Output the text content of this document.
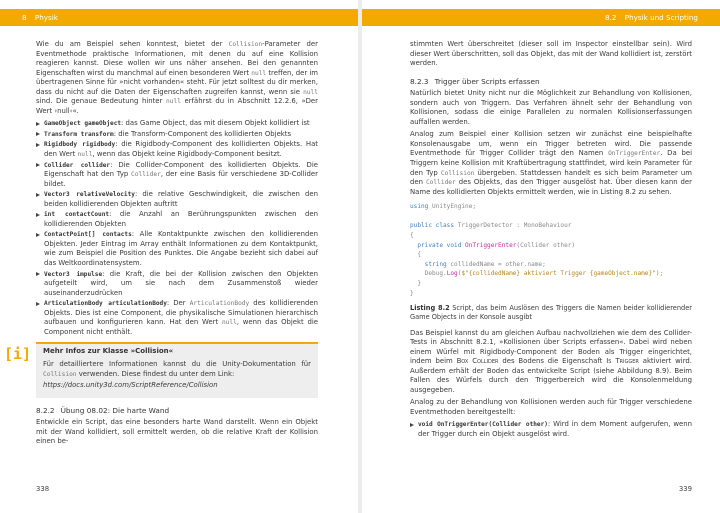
8 Physik

Wie du am Beispiel sehen konntest, bietet der Collision-Parameter der Eventmethode praktische Informationen, mit denen du auf eine Kollision reagieren kannst. Diese wollen wir uns näher ansehen. Bei den genannten Eigenschaften wirst du manchmal auf einen besonderen Wert null treffen, der im übertragenen Sinne für »nicht vorhanden« steht. Für jetzt solltest du dir merken, dass du nicht auf die Daten der Eigenschaften zugreifen kannst, wenn sie null sind. Die genaue Bedeutung hinter null erfährst du in Abschnitt 12.2.6, »Der Wert ›null‹«.

GameObject gameObject: das Game Object, das mit diesem Objekt kollidiert ist
Transform transform: die Transform-Component des kollidierten Objekts
Rigidbody rigidbody: die Rigidbody-Component des kollidierten Objekts. Hat den Wert null, wenn das Objekt keine Rigidbody-Component besitzt.
Collider collider: Die Collider-Component des kollidierten Objekts. Die Eigenschaft hat den Typ Collider, der eine Basis für verschiedene 3D-Collider bildet.
Vector3 relativeVelocity: die relative Geschwindigkeit, die zwischen den beiden kollidierenden Objekten auftritt
int contactCount: die Anzahl an Berührungspunkten zwischen den kollidierenden Objekten
ContactPoint[] contacts: Alle Kontaktpunkte zwischen den kollidierenden Objekten. Jeder Eintrag im Array enthält Informationen zu dem Kontaktpunkt, wie zum Beispiel die Position des Punktes. Die Angabe bezieht sich dabei auf das Weltkoordinatensystem.
Vector3 impulse: die Kraft, die bei der Kollision zwischen den Objekten aufgeteilt wird, um sie nach dem Zusammenstoß wieder auseinanderzudrücken
ArticulationBody articulationBody: Der ArticulationBody des kollidierenden Objekts. Dies ist eine Component, die physikalische Simulationen hierarchisch aufbauen und konfigurieren kann. Hat den Wert null, wenn das Objekt die Component nicht enthält.
[i] Mehr Infos zur Klasse »Collision«

Für detailliertere Informationen kannst du die Unity-Dokumentation für Collision verwenden. Diese findest du unter dem Link:

https://docs.unity3d.com/ScriptReference/Collision

8.2.2 Übung 08.02: Die harte Wand

Entwickle ein Script, das eine besonders harte Wand darstellt. Wenn ein Objekt mit der Wand kollidiert, soll ermittelt werden, ob die relative Kraft der Kollision einen be-

338
8.2 Physik und Scripting

stimmten Wert überschreitet (dieser soll im Inspector einstellbar sein). Wird dieser Wert überschritten, soll das Objekt, das mit der Wand kollidiert ist, zerstört werden.

8.2.3 Trigger über Scripts erfassen

Natürlich bietet Unity nicht nur die Möglichkeit zur Behandlung von Kollisionen, sondern auch von Triggern. Das Verfahren ähnelt sehr der Behandlung von Kollisionen, sodass die einige Parallelen zu normalen Kollisionserfassungen auffallen werden.

Analog zum Beispiel einer Kollision setzen wir zunächst eine beispielhafte Konsolenausgabe um, wenn ein Trigger betreten wird. Die passende Eventmethode für Trigger Collider trägt den Namen OnTriggerEnter. Da bei Triggern keine Kollision mit Kraftübertragung stattfindet, wird kein Parameter für den Typ Collision übergeben. Stattdessen handelt es sich beim Parameter um den Collider des Objekts, das den Trigger ausgelöst hat. Über diesen kann der Name des kollidierten Objekts ermittelt werden, wie in Listing 8.2 zu sehen.

using UnityEngine;

public class TriggerDetector : MonoBehaviour
{
private void OnTriggerEnter(Collider other)
{
string collidedName = other.name;
Debug.Log($"{collidedName} aktiviert Trigger {gameObject.name}");
}
}

Listing 8.2 Script, das beim Auslösen des Triggers die Namen beider kollidierender Game Objects in der Konsole ausgibt

Das Beispiel kannst du am gleichen Aufbau nachvollziehen wie dem des Collider-Tests in Abschnitt 8.2.1, »Kollisionen über Scripts erfassen«. Dabei wird neben einem Würfel mit Rigidbody-Component der Boden als Trigger eingerichtet, indem beim Box Collider des Bodens die Eigenschaft Is Trigger aktiviert wird. Außerdem erhält der Boden das entwickelte Script (siehe Abbildung 8.9). Beim Fallen des Würfels durch den Triggerbereich wird die Konsolenmeldung ausgegeben.

Analog zu der Behandlung von Kollisionen werden auch für Trigger verschiedene Eventmethoden bereitgestellt:

void OnTriggerEnter(Collider other): Wird in dem Moment aufgerufen, wenn der Trigger durch ein Objekt ausgelöst wird.
339
